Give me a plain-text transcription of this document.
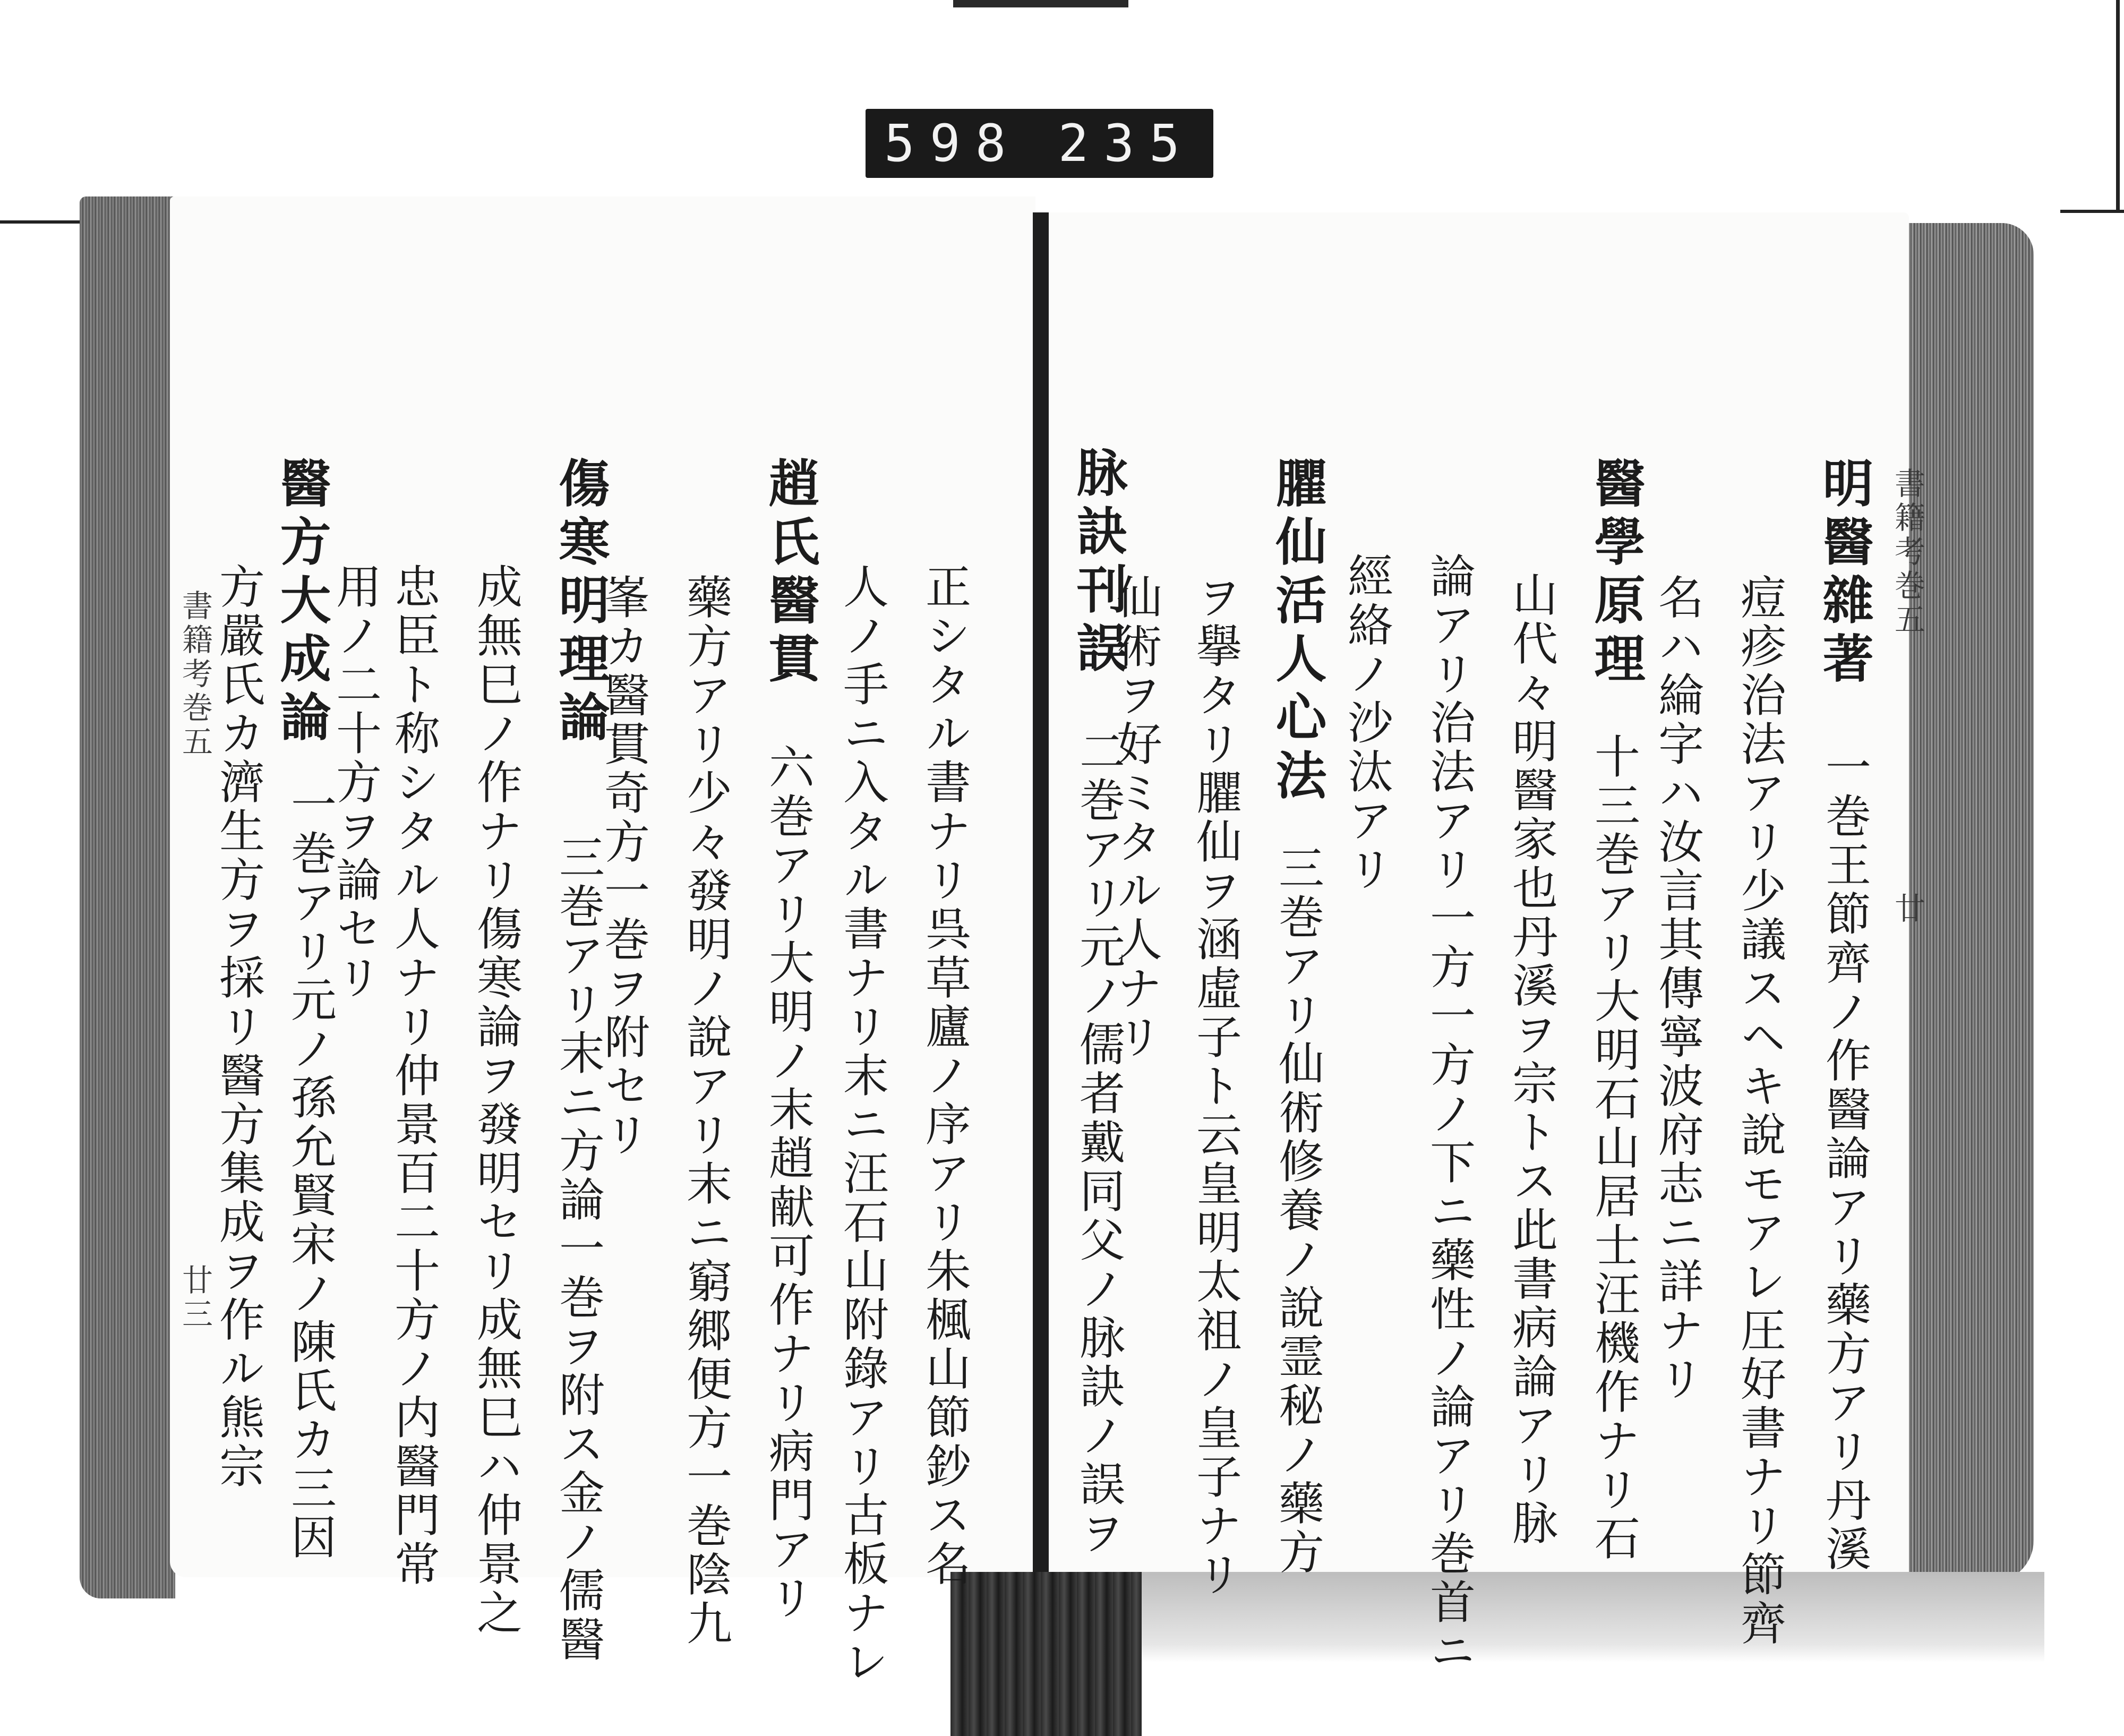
598 235
書籍考巻五
廿三
書籍考巻五
廿
明醫雜著
一巻王節齊ノ作醫論アリ藥方アリ丹溪
痘疹治法アリ少議スヘキ說モアレ圧好書ナリ節齊
名ハ綸字ハ汝言其傳寧波府志ニ詳ナリ
醫學原理
十三巻アリ大明石山居士汪機作ナリ石
山代々明醫家也丹溪ヲ宗トス此書病論アリ脉
論アリ治法アリ一方一方ノ下ニ藥性ノ論アリ巻首ニ
經絡ノ沙汰アリ
臞仙活人心法
三巻アリ仙術修養ノ說霊秘ノ藥方
ヲ擧タリ臞仙ヲ涵虛子ト云皇明太祖ノ皇子ナリ
仙術ヲ好ミタル人ナリ
脉訣刊誤
二巻アリ元ノ儒者戴同父ノ脉訣ノ誤ヲ
正シタル書ナリ呉草廬ノ序アリ朱楓山節鈔ス名
人ノ手ニ入タル書ナリ末ニ汪石山附錄アリ古板ナレ
趙氏醫貫
六巻アリ大明ノ末趙献可作ナリ病門アリ
藥方アリ少々發明ノ說アリ末ニ窮郷便方一巻陰九
峯カ醫貫奇方一巻ヲ附セリ
傷寒明理論
三巻アリ末ニ方論一巻ヲ附ス金ノ儒醫
成無巳ノ作ナリ傷寒論ヲ發明セリ成無巳ハ仲景之
忠臣ト称シタル人ナリ仲景百二十方ノ内醫門常
用ノ二十方ヲ論セリ
醫方大成論
一巻アリ元ノ孫允賢宋ノ陳氏カ三因
方嚴氏カ濟生方ヲ採リ醫方集成ヲ作ル熊宗
